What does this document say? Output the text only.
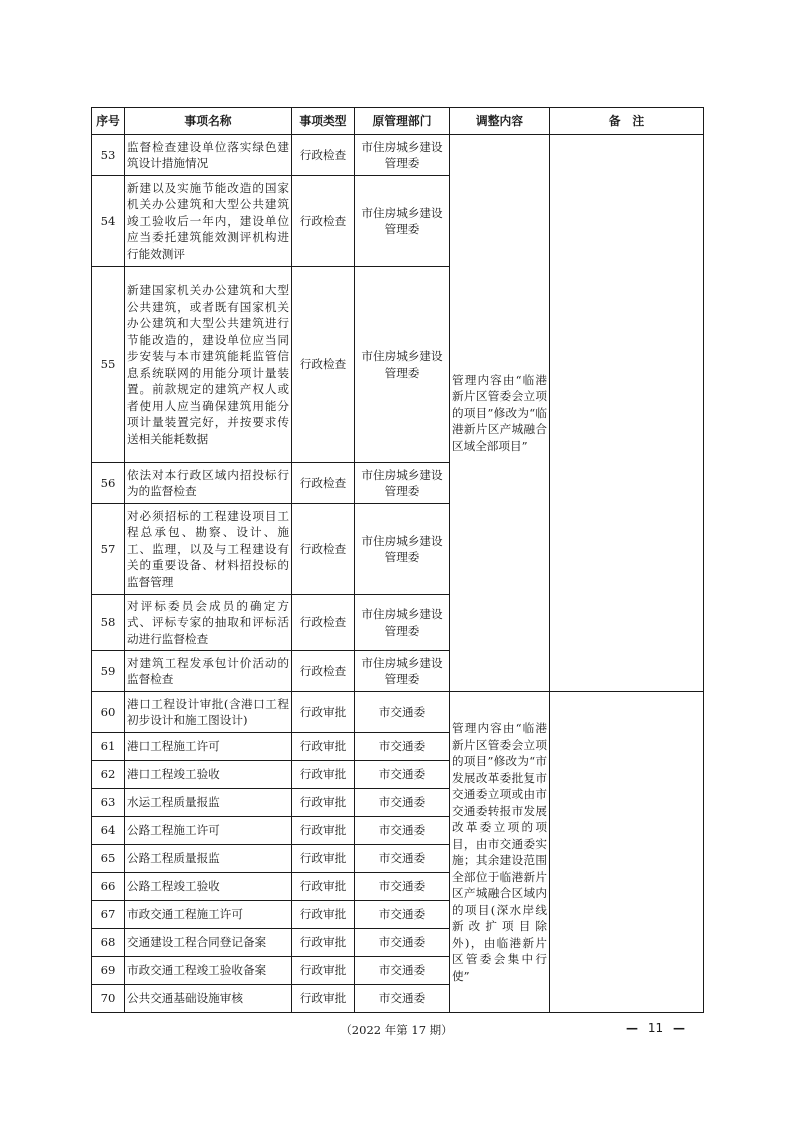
序号	事项名称	事项类型	原管理部门	调整内容	备　注
53	监督检查建设单位落实绿色建筑设计措施情况	行政检查	市住房城乡建设管理委	管理内容由“临港新片区管委会立项的项目”修改为“临港新片区产城融合区域全部项目”	
54	新建以及实施节能改造的国家机关办公建筑和大型公共建筑竣工验收后一年内，建设单位应当委托建筑能效测评机构进行能效测评	行政检查	市住房城乡建设管理委		
55	新建国家机关办公建筑和大型公共建筑，或者既有国家机关办公建筑和大型公共建筑进行节能改造的，建设单位应当同步安装与本市建筑能耗监管信息系统联网的用能分项计量装置。前款规定的建筑产权人或者使用人应当确保建筑用能分项计量装置完好，并按要求传送相关能耗数据	行政检查	市住房城乡建设管理委		
56	依法对本行政区域内招投标行为的监督检查	行政检查	市住房城乡建设管理委		
57	对必须招标的工程建设项目工程总承包、勘察、设计、施工、监理，以及与工程建设有关的重要设备、材料招投标的监督管理	行政检查	市住房城乡建设管理委		
58	对评标委员会成员的确定方式、评标专家的抽取和评标活动进行监督检查	行政检查	市住房城乡建设管理委		
59	对建筑工程发承包计价活动的监督检查	行政检查	市住房城乡建设管理委		
60	港口工程设计审批(含港口工程初步设计和施工图设计)	行政审批	市交通委	管理内容由“临港新片区管委会立项的项目”修改为“市发展改革委批复市交通委立项或由市交通委转报市发展改革委立项的项目，由市交通委实施；其余建设范围全部位于临港新片区产城融合区域内的项目(深水岸线新改扩项目除外)，由临港新片区管委会集中行使”	
61	港口工程施工许可	行政审批	市交通委		
62	港口工程竣工验收	行政审批	市交通委		
63	水运工程质量报监	行政审批	市交通委		
64	公路工程施工许可	行政审批	市交通委		
65	公路工程质量报监	行政审批	市交通委		
66	公路工程竣工验收	行政审批	市交通委		
67	市政交通工程施工许可	行政审批	市交通委		
68	交通建设工程合同登记备案	行政审批	市交通委		
69	市政交通工程竣工验收备案	行政审批	市交通委		
70	公共交通基础设施审核	行政审批	市交通委		
（2022 年第 17 期）	— 11 —
